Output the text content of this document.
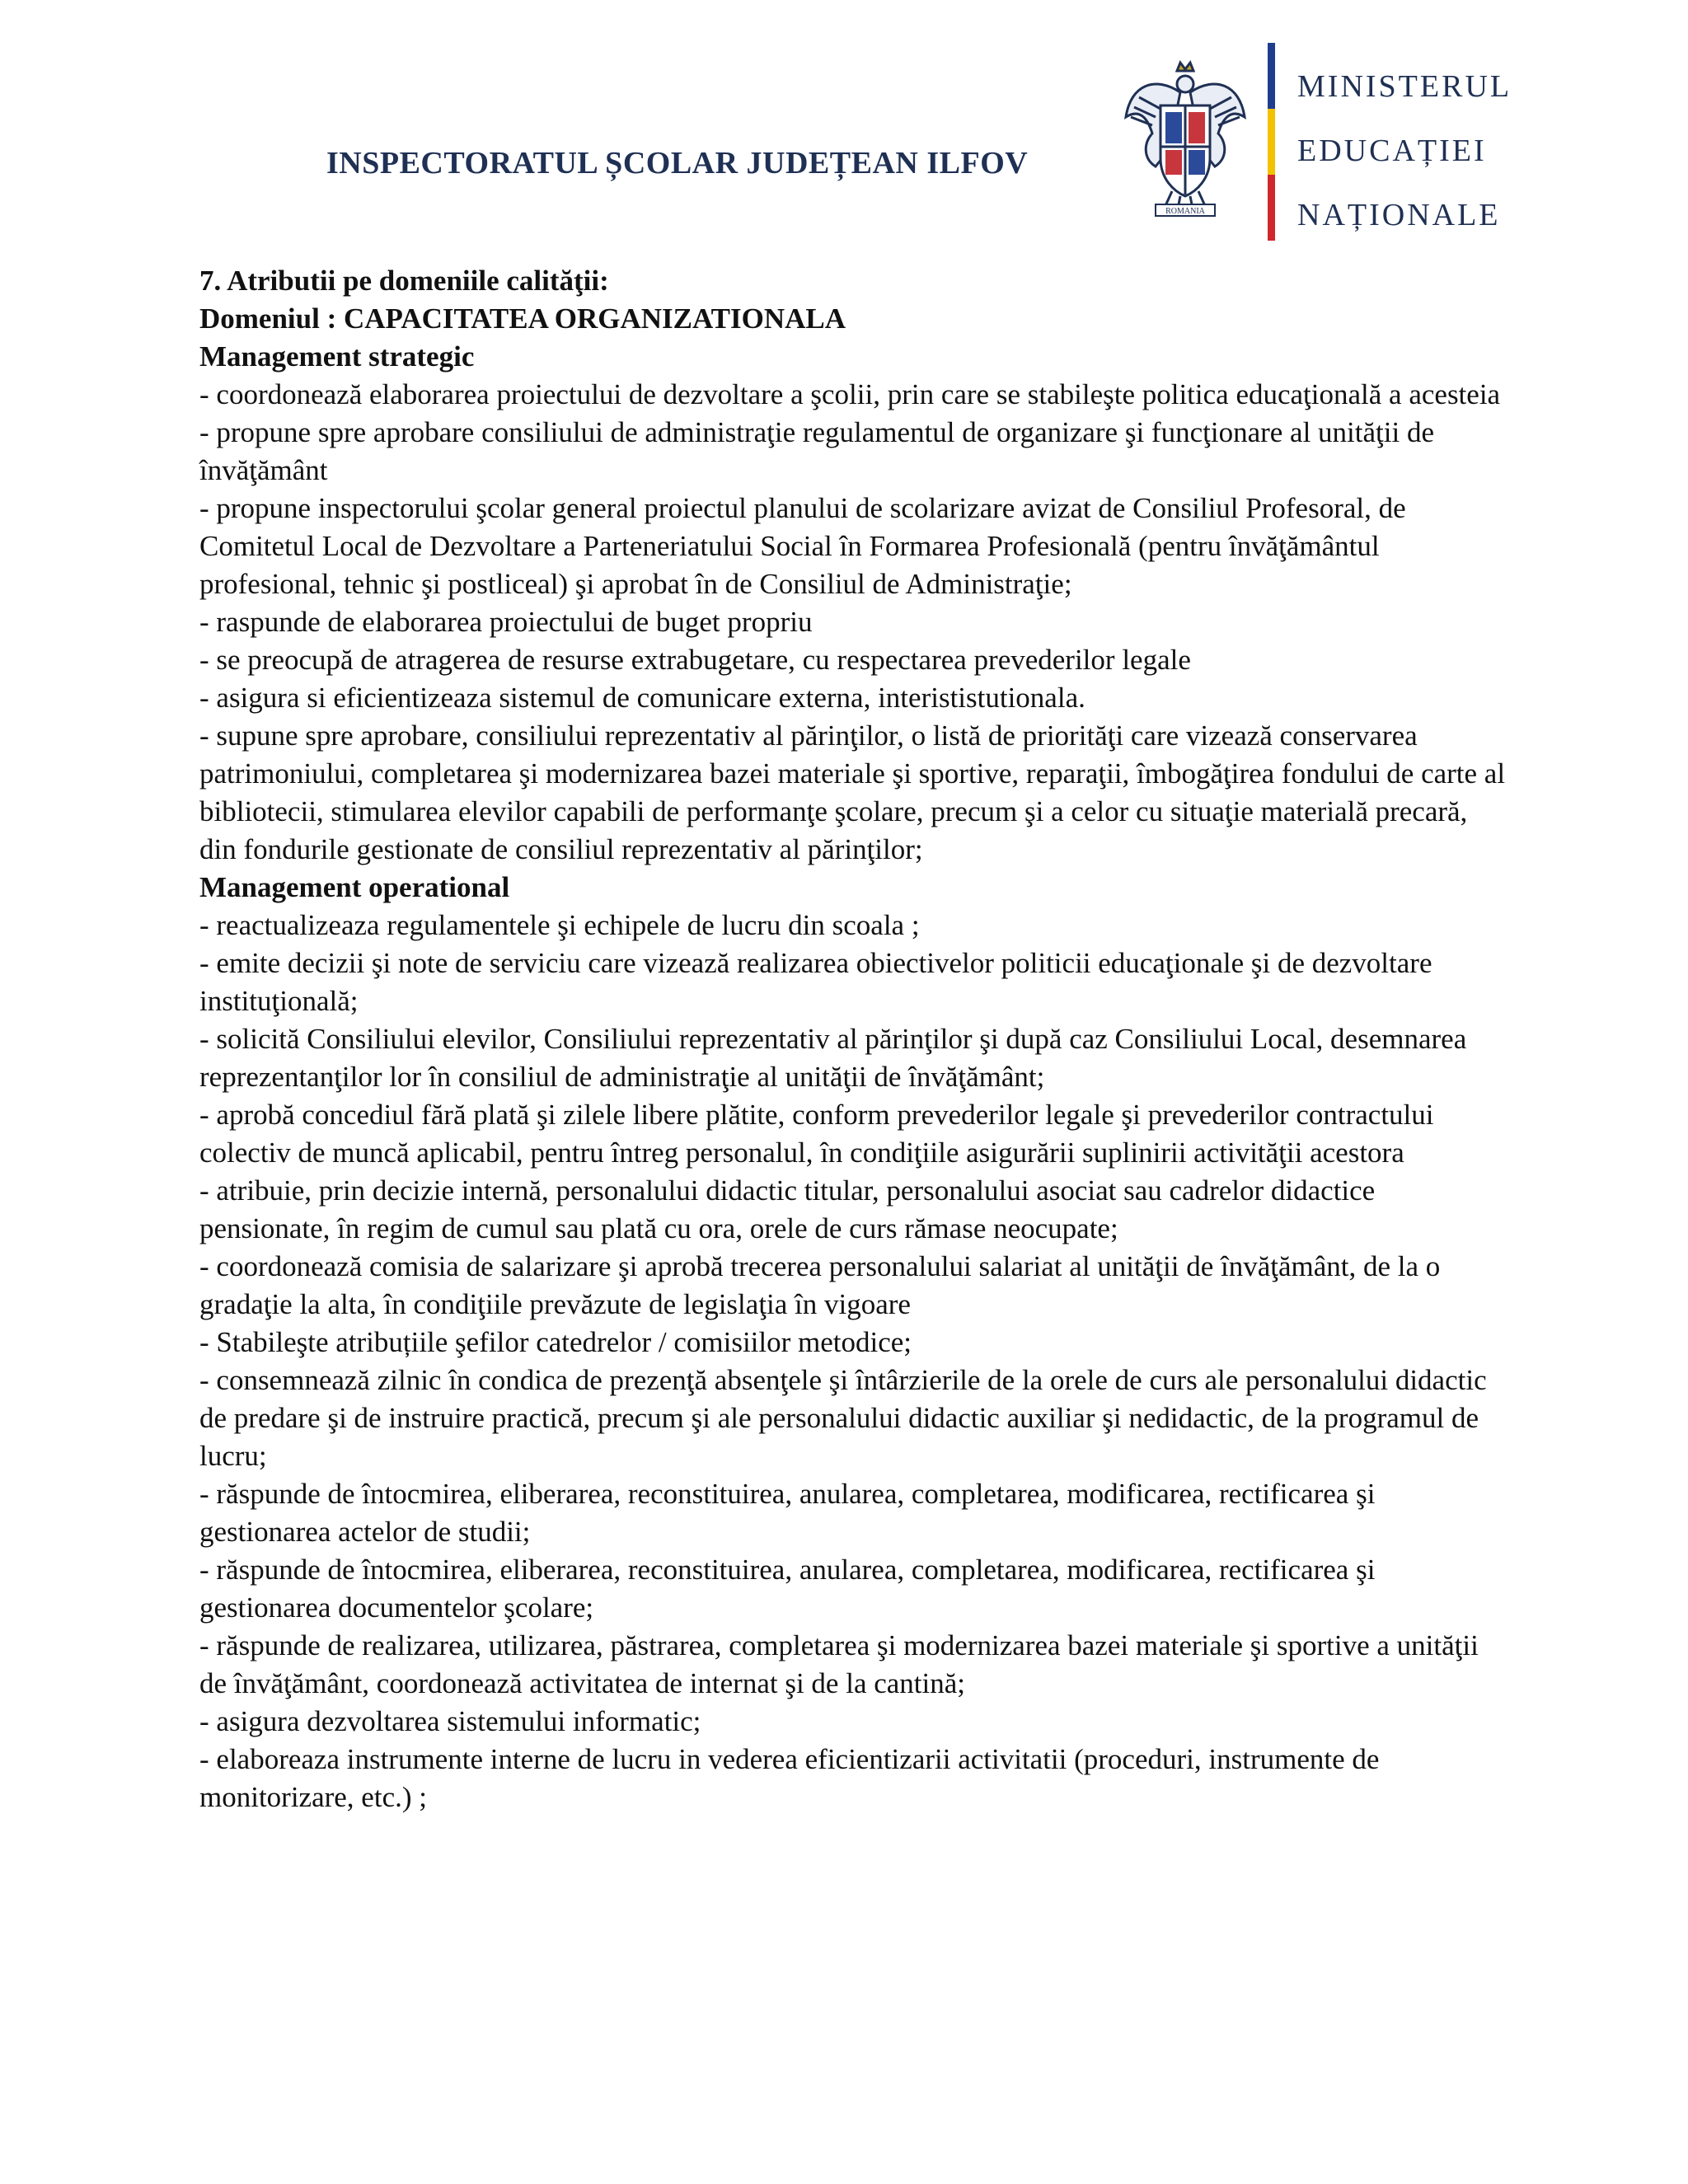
INSPECTORATUL ȘCOLAR JUDEȚEAN ILFOV
ROMANIA
MINISTERUL
EDUCAȚIEI
NAȚIONALE

7. Atributii pe domeniile calităţii:

Domeniul : CAPACITATEA ORGANIZATIONALA

Management strategic

- coordonează elaborarea proiectului de dezvoltare a şcolii, prin care se stabileşte politica educaţională a acesteia

- propune spre aprobare consiliului de administraţie regulamentul de organizare şi funcţionare al unităţii de învăţământ

- propune inspectorului şcolar general proiectul planului de scolarizare avizat de Consiliul Profesoral, de Comitetul Local de Dezvoltare a Parteneriatului Social în Formarea Profesională (pentru învăţământul profesional, tehnic şi postliceal) şi aprobat în de Consiliul de Administraţie;

- raspunde de elaborarea proiectului de buget propriu

- se preocupă de atragerea de resurse extrabugetare, cu respectarea prevederilor legale

- asigura si eficientizeaza sistemul de comunicare externa, interististutionala.

- supune spre aprobare, consiliului reprezentativ al părinţilor, o listă de priorităţi care vizează conservarea patrimoniului, completarea şi modernizarea bazei materiale şi sportive, reparaţii, îmbogăţirea fondului de carte al bibliotecii, stimularea elevilor capabili de performanţe şcolare, precum şi a celor cu situaţie materială precară, din fondurile gestionate de consiliul reprezentativ al părinţilor;

Management operational

- reactualizeaza regulamentele şi echipele de lucru din scoala ;

- emite decizii şi note de serviciu care vizează realizarea obiectivelor politicii educaţionale şi de dezvoltare instituţională;

- solicită Consiliului elevilor, Consiliului reprezentativ al părinţilor şi după caz Consiliului Local, desemnarea reprezentanţilor lor în consiliul de administraţie al unităţii de învăţământ;

- aprobă concediul fără plată şi zilele libere plătite, conform prevederilor legale şi prevederilor contractului colectiv de muncă aplicabil, pentru întreg personalul, în condiţiile asigurării suplinirii activităţii acestora

- atribuie, prin decizie internă, personalului didactic titular, personalului asociat sau cadrelor didactice pensionate, în regim de cumul sau plată cu ora, orele de curs rămase neocupate;

- coordonează comisia de salarizare şi aprobă trecerea personalului salariat al unităţii de învăţământ, de la o gradaţie la alta, în condiţiile prevăzute de legislaţia în vigoare

- Stabileşte atribuțiile şefilor catedrelor / comisiilor metodice;

- consemnează zilnic în condica de prezenţă absenţele şi întârzierile de la orele de curs ale personalului didactic de predare şi de instruire practică, precum şi ale personalului didactic auxiliar şi nedidactic, de la programul de lucru;

- răspunde de întocmirea, eliberarea, reconstituirea, anularea, completarea, modificarea, rectificarea şi gestionarea actelor de studii;

- răspunde de întocmirea, eliberarea, reconstituirea, anularea, completarea, modificarea, rectificarea şi gestionarea documentelor şcolare;

- răspunde de realizarea, utilizarea, păstrarea, completarea şi modernizarea bazei materiale şi sportive a unităţii de învăţământ, coordonează activitatea de internat şi de la cantină;

- asigura dezvoltarea sistemului informatic;

- elaboreaza instrumente interne de lucru in vederea eficientizarii activitatii (proceduri, instrumente de monitorizare, etc.) ;
